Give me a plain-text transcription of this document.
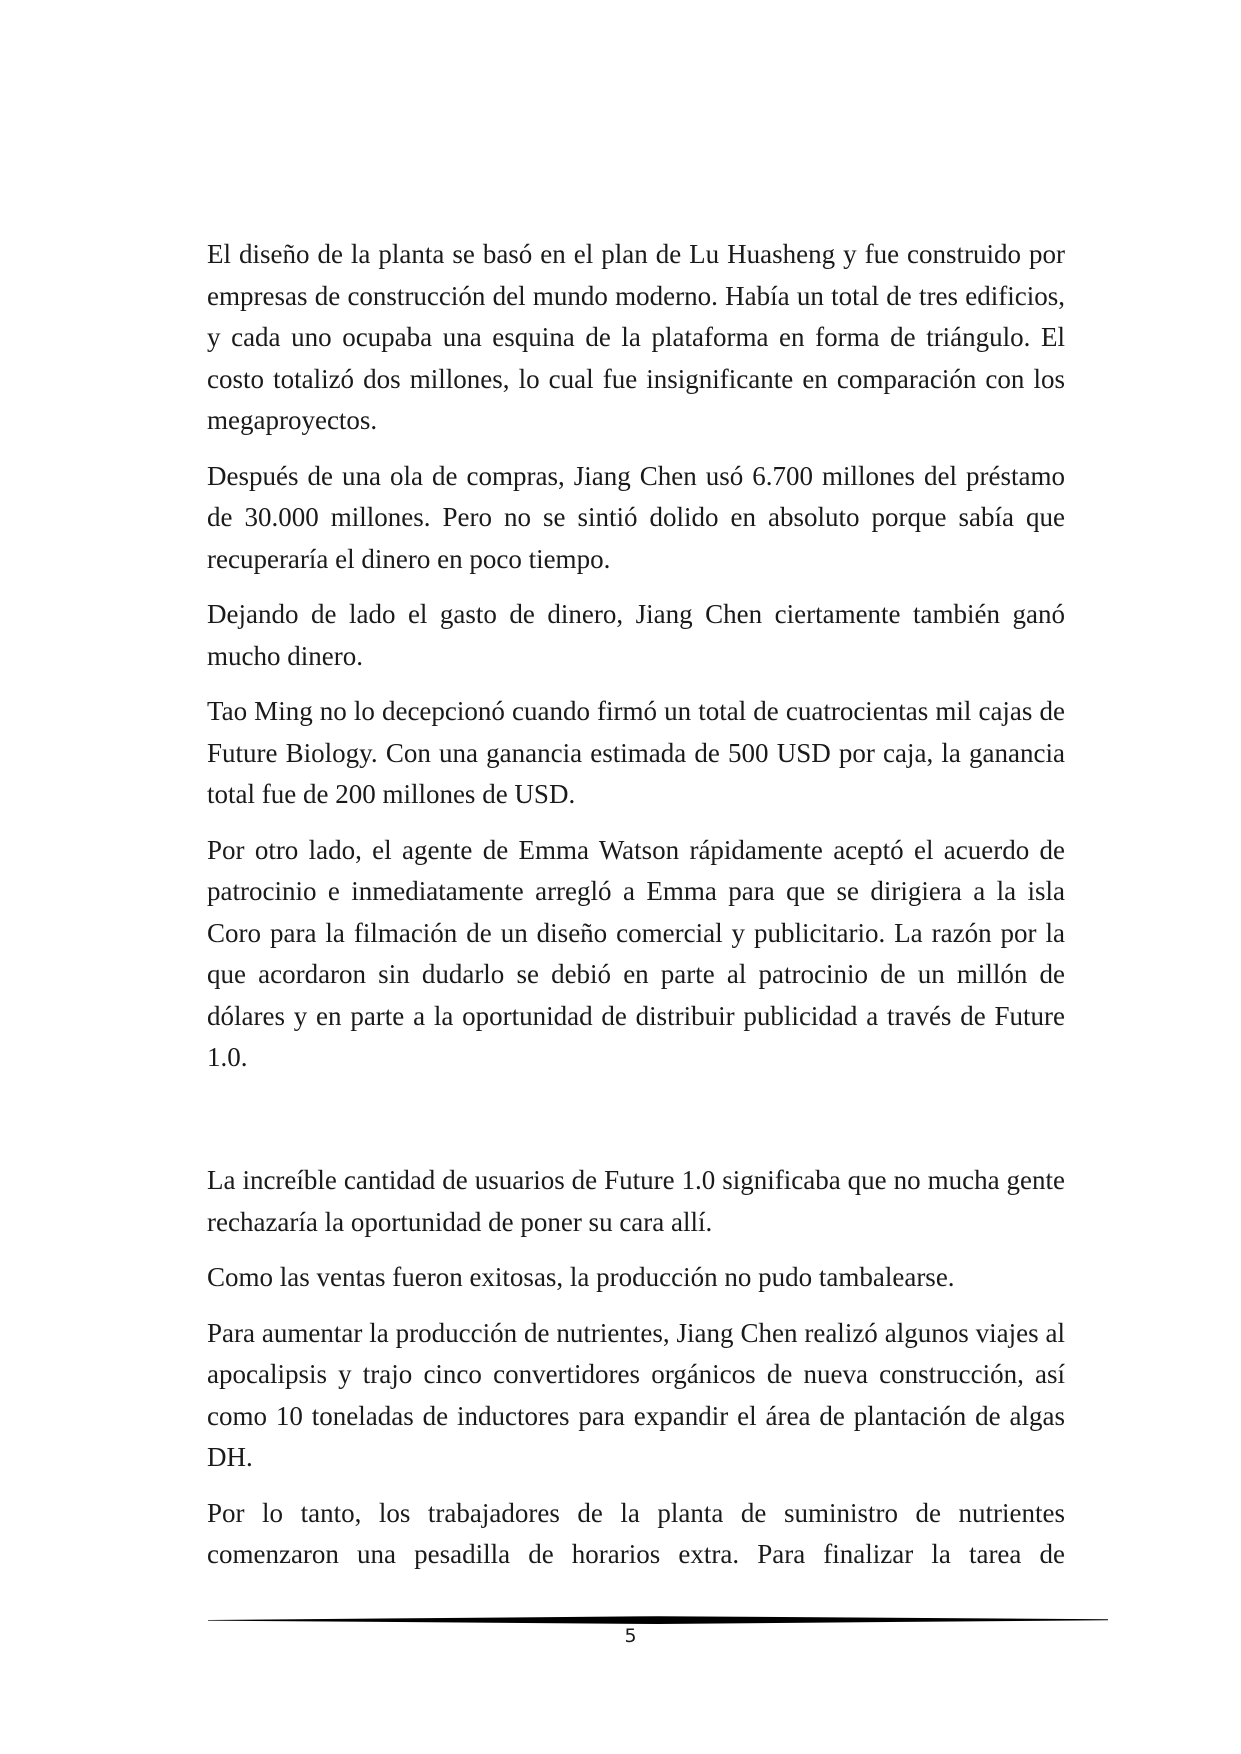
El diseño de la planta se basó en el plan de Lu Huasheng y fue construido por empresas de construcción del mundo moderno. Había un total de tres edificios, y cada uno ocupaba una esquina de la plataforma en forma de triángulo. El costo totalizó dos millones, lo cual fue insignificante en comparación con los megaproyectos.

Después de una ola de compras, Jiang Chen usó 6.700 millones del préstamo de 30.000 millones. Pero no se sintió dolido en absoluto porque sabía que recuperaría el dinero en poco tiempo.

Dejando de lado el gasto de dinero, Jiang Chen ciertamente también ganó mucho dinero.

Tao Ming no lo decepcionó cuando firmó un total de cuatrocientas mil cajas de Future Biology. Con una ganancia estimada de 500 USD por caja, la ganancia total fue de 200 millones de USD.

Por otro lado, el agente de Emma Watson rápidamente aceptó el acuerdo de patrocinio e inmediatamente arregló a Emma para que se dirigiera a la isla Coro para la filmación de un diseño comercial y publicitario. La razón por la que acordaron sin dudarlo se debió en parte al patrocinio de un millón de dólares y en parte a la oportunidad de distribuir publicidad a través de Future 1.0.

La increíble cantidad de usuarios de Future 1.0 significaba que no mucha gente rechazaría la oportunidad de poner su cara allí.

Como las ventas fueron exitosas, la producción no pudo tambalearse.

Para aumentar la producción de nutrientes, Jiang Chen realizó algunos viajes al apocalipsis y trajo cinco convertidores orgánicos de nueva construcción, así como 10 toneladas de inductores para expandir el área de plantación de algas DH.

Por lo tanto, los trabajadores de la planta de suministro de nutrientes comenzaron una pesadilla de horarios extra. Para finalizar la tarea de

5
